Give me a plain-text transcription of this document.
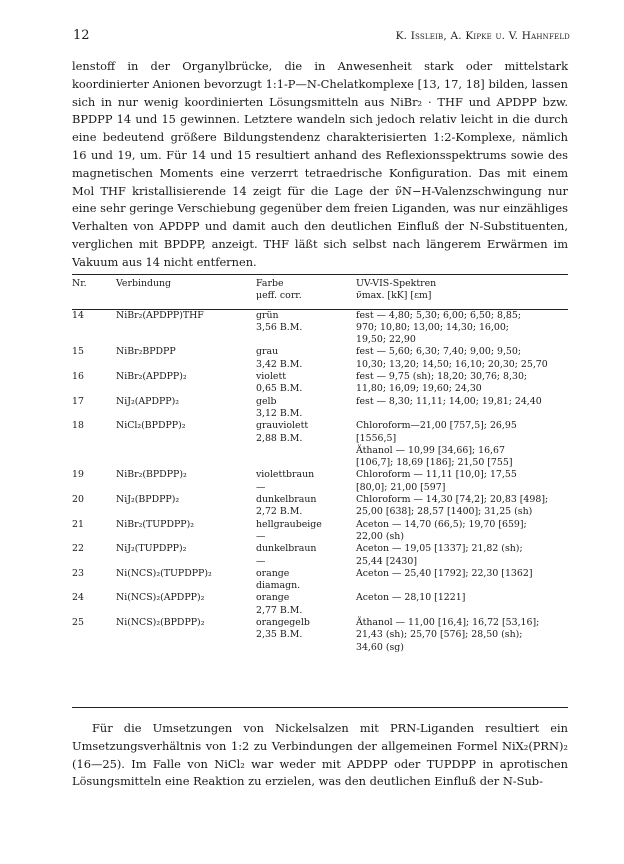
12	K. Issleib, A. Kipke u. V. Hahnfeld
lenstoff in der Organylbrücke, die in Anwesenheit stark oder mittelstark koordinierter Anionen bevorzugt 1:1-P—N-Chelatkomplexe [13, 17, 18] bilden, lassen sich in nur wenig koordinierten Lösungsmitteln aus NiBr₂ · THF und APDPP bzw. BPDPP 14 und 15 gewinnen. Letztere wandeln sich jedoch relativ leicht in die durch eine bedeutend größere Bildungstendenz charakterisierten 1:2-Komplexe, nämlich 16 und 19, um. Für 14 und 15 resultiert anhand des Reflexionsspektrums sowie des magnetischen Moments eine verzerrt tetraedrische Konfiguration. Das mit einem Mol THF kristallisierende 14 zeigt für die Lage der ν̃N−H-Valenzschwingung nur eine sehr geringe Verschiebung gegenüber dem freien Liganden, was nur einzähliges Verhalten von APDPP und damit auch den deutlichen Einfluß der N-Substituenten, verglichen mit BPDPP, anzeigt. THF läßt sich selbst nach längerem Erwärmen im Vakuum aus 14 nicht entfernen.
Nr.	Verbindung	Farbe
μeff. corr.	UV-VIS-Spektren
ν̃max. [kK] [εm]

14	NiBr₂(APDPP)THF	grün
3,56 B.M.	fest — 4,80; 5,30; 6,00; 6,50; 8,85;
970; 10,80; 13,00; 14,30; 16,00;
19,50; 22,90

15	NiBr₂BPDPP	grau
3,42 B.M.	fest — 5,60; 6,30; 7,40; 9,00; 9,50;
10,30; 13,20; 14,50; 16,10; 20,30; 25,70

16	NiBr₂(APDPP)₂	violett
0,65 B.M.	fest — 9,75 (sh); 18,20; 30,76; 8,30;
11,80; 16,09; 19,60; 24,30

17	NiJ₂(APDPP)₂	gelb
3,12 B.M.	fest — 8,30; 11,11; 14,00; 19,81; 24,40

18	NiCl₂(BPDPP)₂	grauviolett
2,88 B.M.	Chloroform—21,00 [757,5]; 26,95
[1556,5]
Äthanol — 10,99 [34,66]; 16,67
[106,7]; 18,69 [186]; 21,50 [755]

19	NiBr₂(BPDPP)₂	violettbraun
—	Chloroform — 11,11 [10,0]; 17,55
[80,0]; 21,00 [597]

20	NiJ₂(BPDPP)₂	dunkelbraun
2,72 B.M.	Chloroform — 14,30 [74,2]; 20,83 [498];
25,00 [638]; 28,57 [1400]; 31,25 (sh)

21	NiBr₂(TUPDPP)₂	hellgraubeige
—	Aceton — 14,70 (66,5); 19,70 [659];
22,00 (sh)

22	NiJ₂(TUPDPP)₂	dunkelbraun
—	Aceton — 19,05 [1337]; 21,82 (sh);
25,44 [2430]

23	Ni(NCS)₂(TUPDPP)₂	orange
diamagn.	Aceton — 25,40 [1792]; 22,30 [1362]

24	Ni(NCS)₂(APDPP)₂	orange
2,77 B.M.	Aceton — 28,10 [1221]

25	Ni(NCS)₂(BPDPP)₂	orangegelb
2,35 B.M.	Äthanol — 11,00 [16,4]; 16,72 [53,16];
21,43 (sh); 25,70 [576]; 28,50 (sh);
34,60 (sg)
Für die Umsetzungen von Nickelsalzen mit PRN-Liganden resultiert ein Umsetzungsverhältnis von 1:2 zu Verbindungen der allgemeinen Formel NiX₂(PRN)₂ (16—25). Im Falle von NiCl₂ war weder mit APDPP oder TUPDPP in aprotischen Lösungsmitteln eine Reaktion zu erzielen, was den deutlichen Einfluß der N-Sub-
